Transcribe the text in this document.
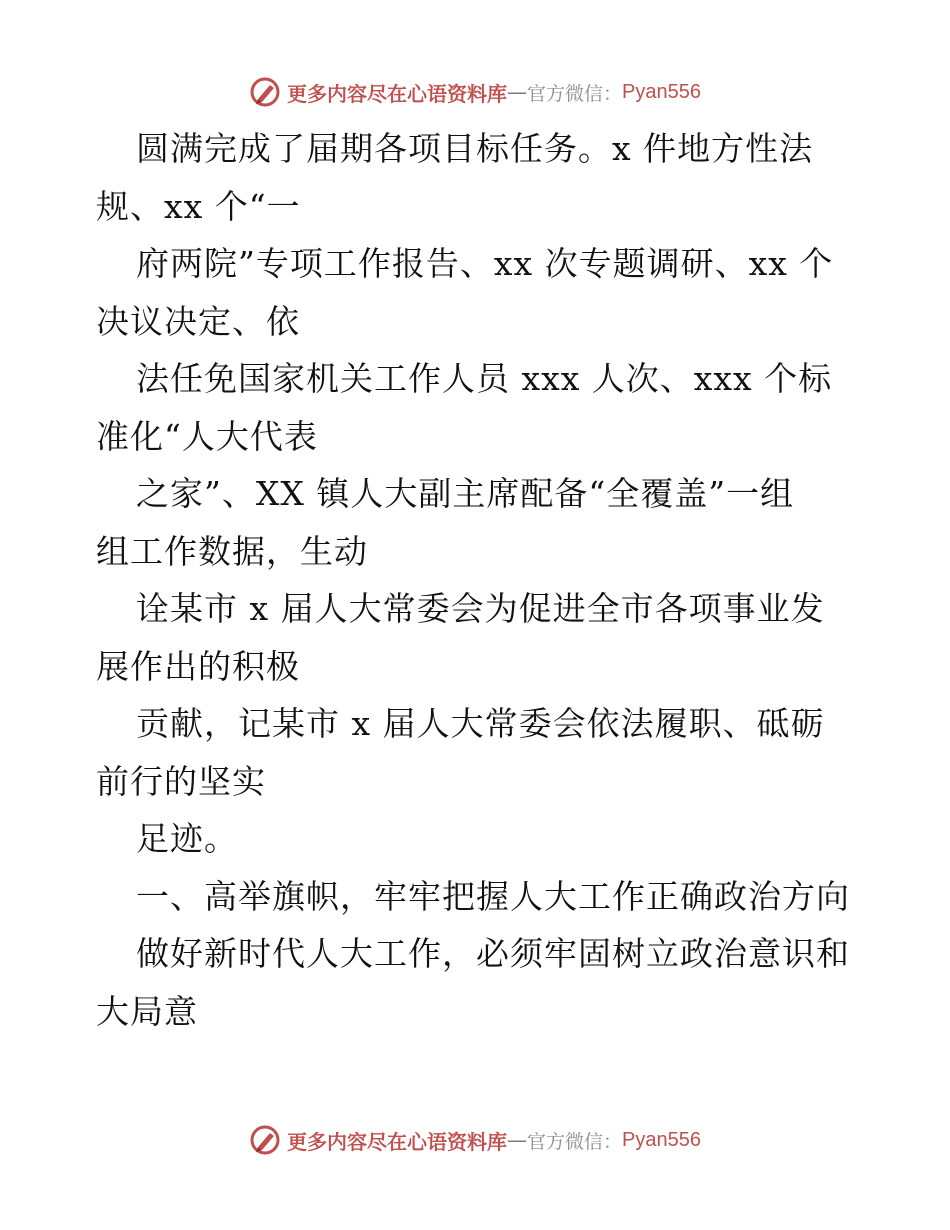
更多内容尽在心语资料库 — 官方微信： Pyan556
圆满完成了届期各项目标任务。x 件地方性法
规、xx 个“一
府两院”专项工作报告、xx 次专题调研、xx 个
决议决定、依
法任免国家机关工作人员 xxx 人次、xxx 个标
准化“人大代表
之家”、XX 镇人大副主席配备“全覆盖”一组
组工作数据，生动
诠某市 x 届人大常委会为促进全市各项事业发
展作出的积极
贡献，记某市 x 届人大常委会依法履职、砥砺
前行的坚实
足迹。
一、高举旗帜，牢牢把握人大工作正确政治方向
做好新时代人大工作，必须牢固树立政治意识和
大局意
更多内容尽在心语资料库 — 官方微信： Pyan556
